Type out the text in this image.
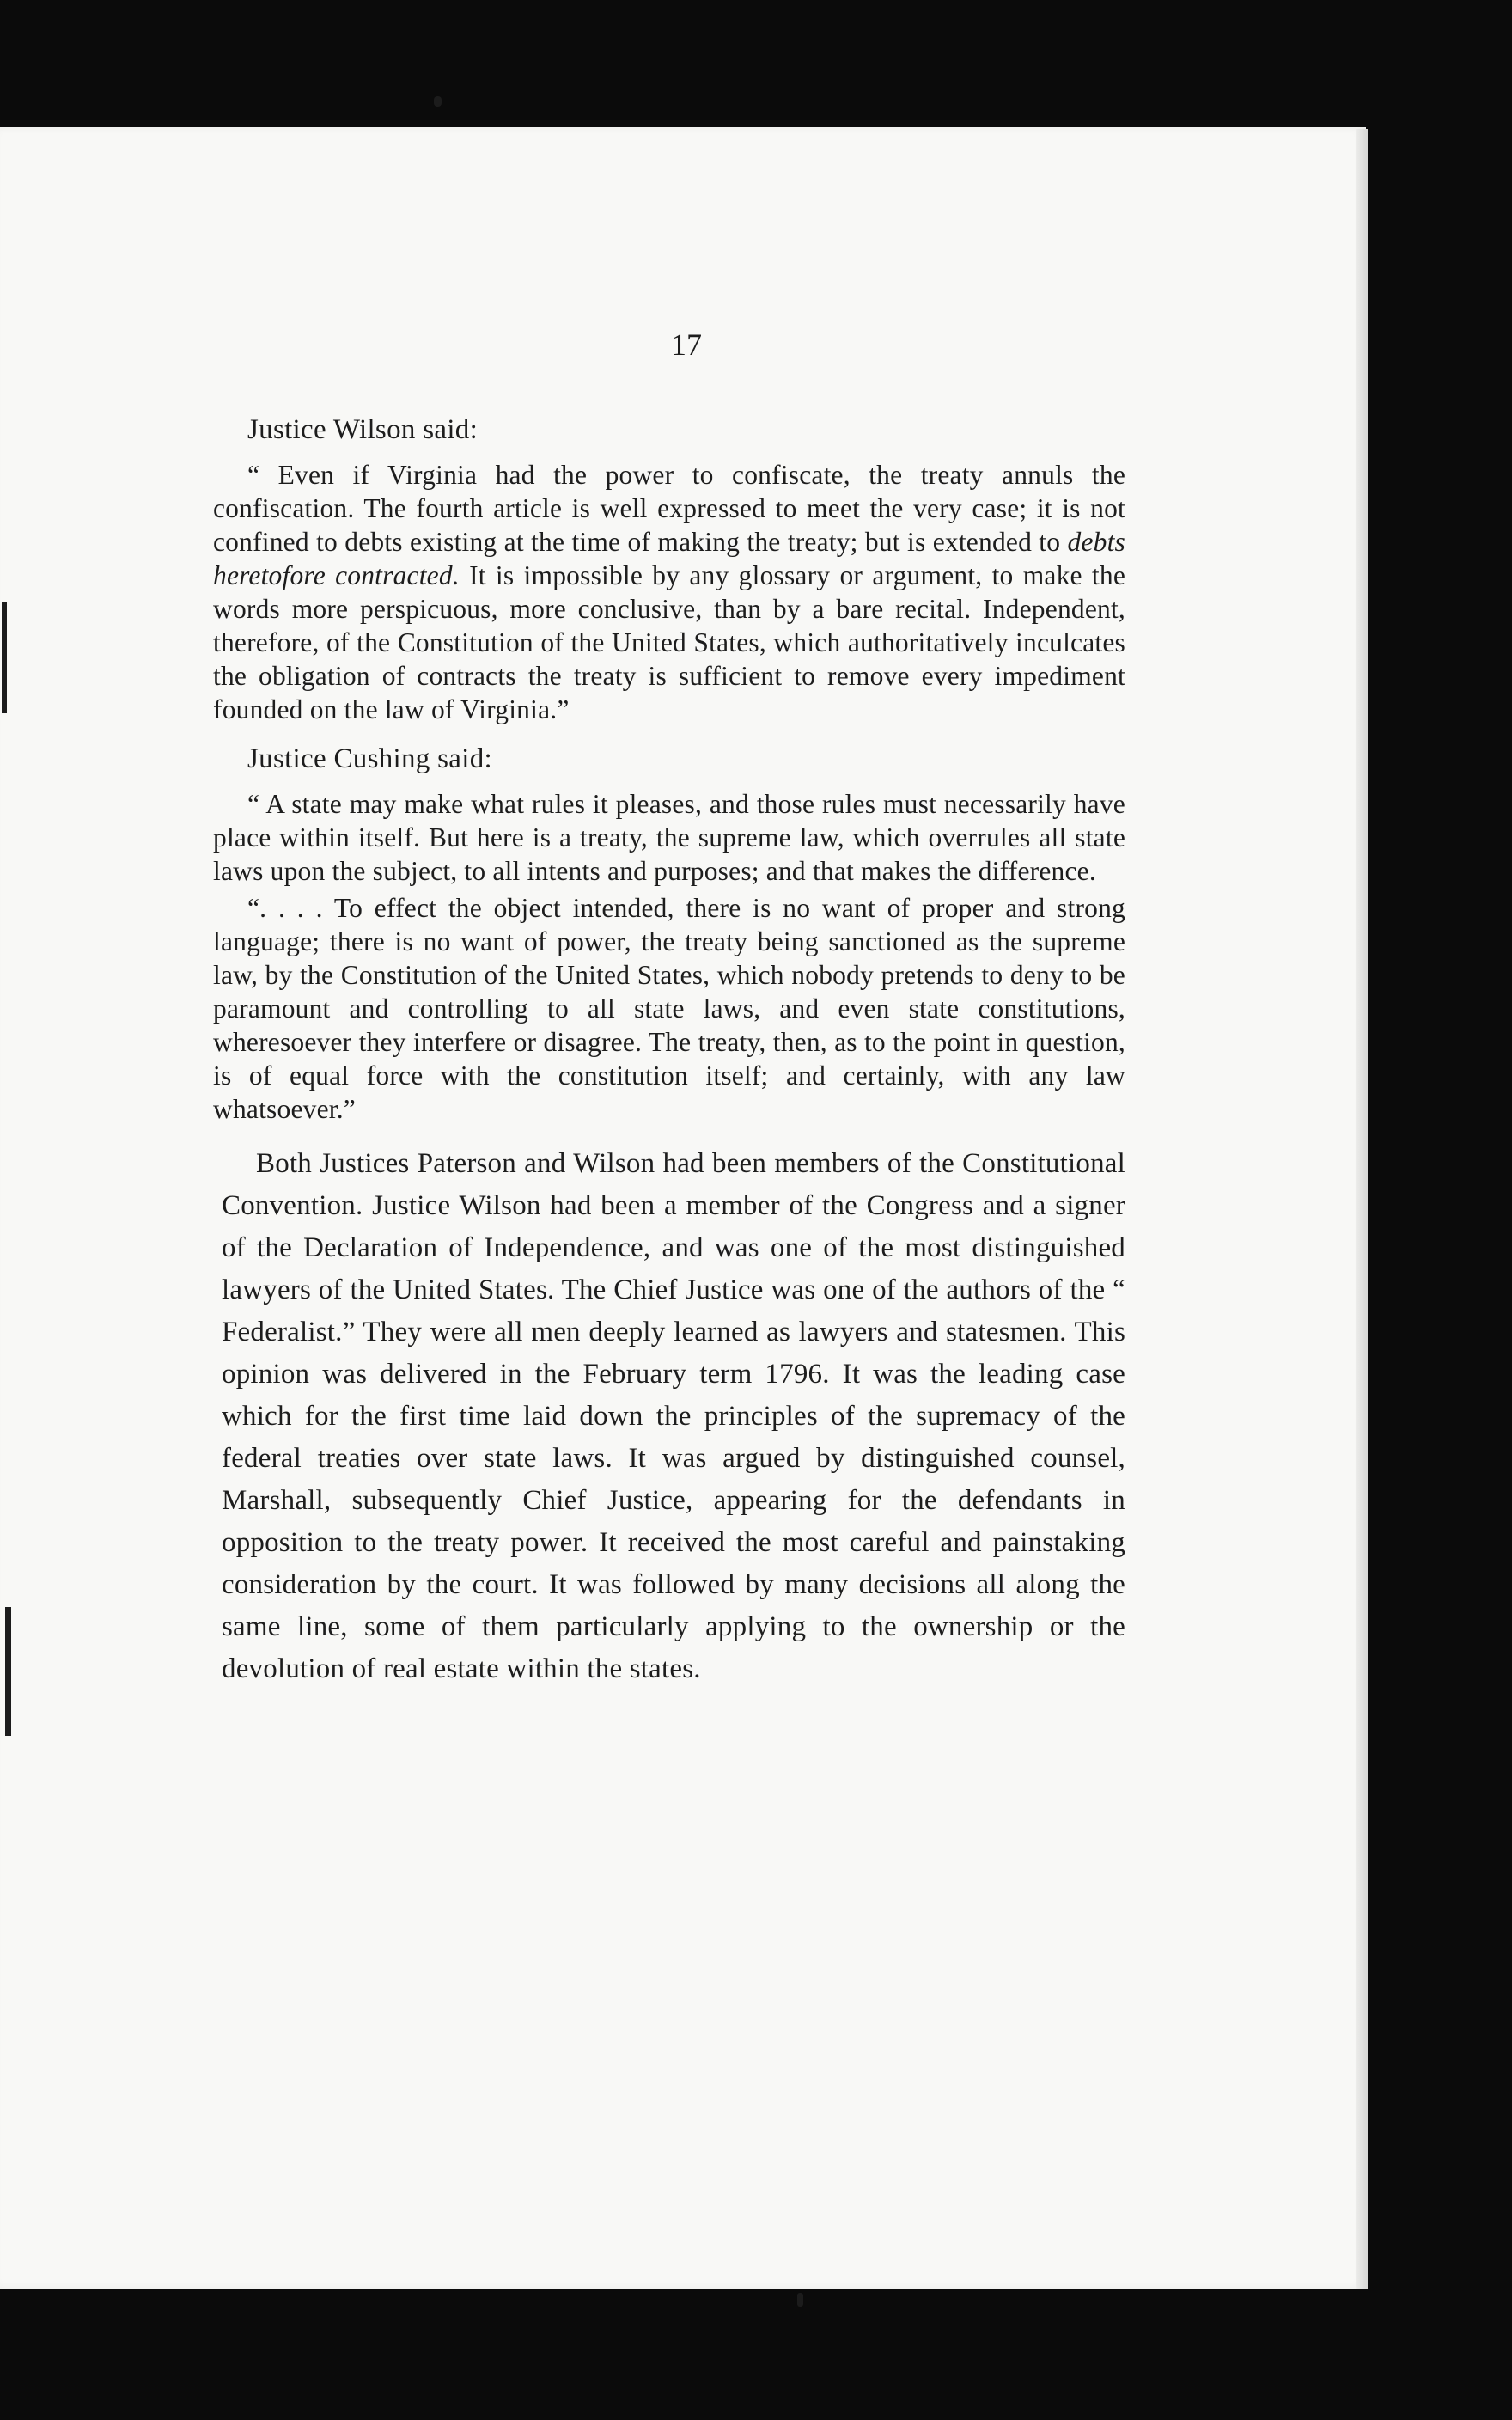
17
Justice Wilson said:

“ Even if Virginia had the power to confiscate, the treaty annuls the confiscation. The fourth article is well expressed to meet the very case; it is not confined to debts existing at the time of making the treaty; but is extended to debts heretofore contracted. It is impossible by any glossary or argument, to make the words more perspicuous, more conclusive, than by a bare recital. Independent, therefore, of the Constitution of the United States, which authoritatively inculcates the obligation of contracts the treaty is sufficient to remove every impediment founded on the law of Virginia.”

Justice Cushing said:

“ A state may make what rules it pleases, and those rules must necessarily have place within itself. But here is a treaty, the supreme law, which overrules all state laws upon the subject, to all intents and purposes; and that makes the difference.

“. . . . To effect the object intended, there is no want of proper and strong language; there is no want of power, the treaty being sanctioned as the supreme law, by the Constitution of the United States, which nobody pretends to deny to be paramount and controlling to all state laws, and even state constitutions, wheresoever they interfere or disagree. The treaty, then, as to the point in question, is of equal force with the constitution itself; and certainly, with any law whatsoever.”

Both Justices Paterson and Wilson had been members of the Constitutional Convention. Justice Wilson had been a member of the Congress and a signer of the Declaration of Independence, and was one of the most distinguished lawyers of the United States. The Chief Justice was one of the authors of the “ Federalist.” They were all men deeply learned as lawyers and statesmen. This opinion was delivered in the February term 1796. It was the leading case which for the first time laid down the principles of the supremacy of the federal treaties over state laws. It was argued by distinguished counsel, Marshall, subsequently Chief Justice, appearing for the defendants in opposition to the treaty power. It received the most careful and painstaking consideration by the court. It was followed by many decisions all along the same line, some of them particularly applying to the ownership or the devolution of real estate within the states.
